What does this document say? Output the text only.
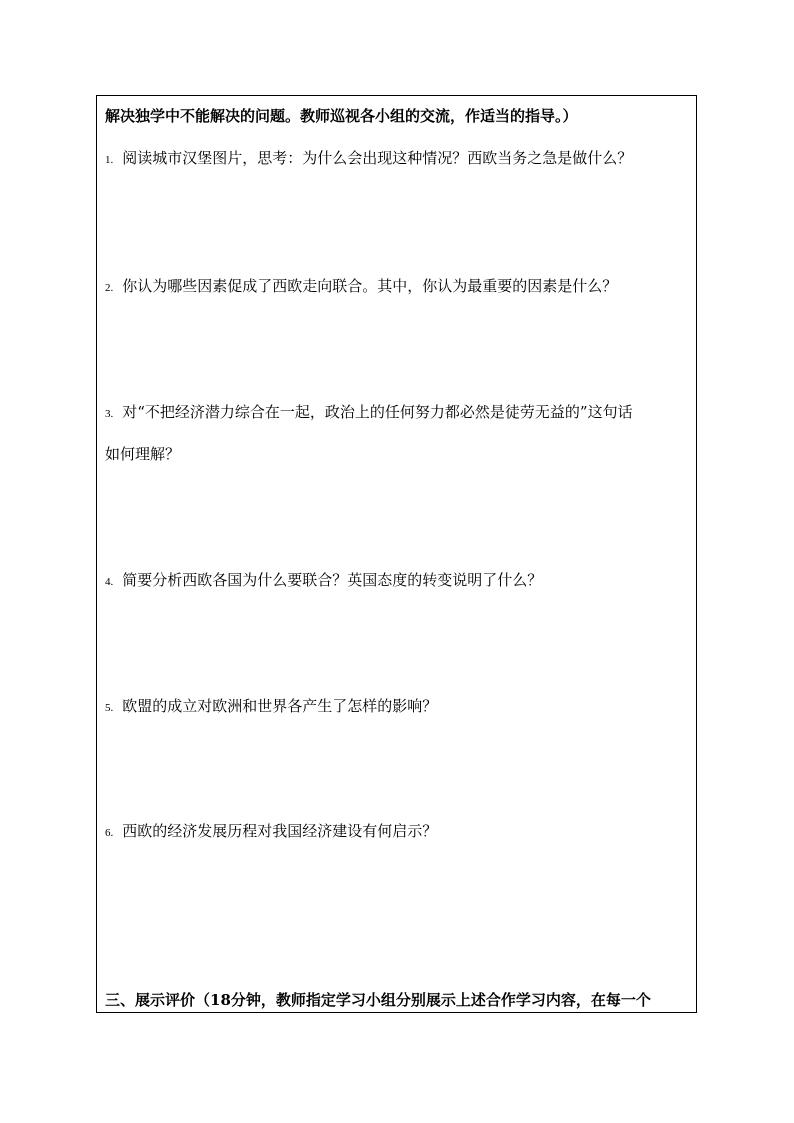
解决独学中不能解决的问题。教师巡视各小组的交流，作适当的指导。）
1. 阅读城市汉堡图片，思考：为什么会出现这种情况？西欧当务之急是做什么？
2. 你认为哪些因素促成了西欧走向联合。其中，你认为最重要的因素是什么？
3. 对“不把经济潜力综合在一起，政治上的任何努力都必然是徒劳无益的”这句话
如何理解？
4. 简要分析西欧各国为什么要联合？英国态度的转变说明了什么？
5. 欧盟的成立对欧洲和世界各产生了怎样的影响？
6. 西欧的经济发展历程对我国经济建设有何启示？
三、展示评价（18分钟，教师指定学习小组分别展示上述合作学习内容，在每一个
